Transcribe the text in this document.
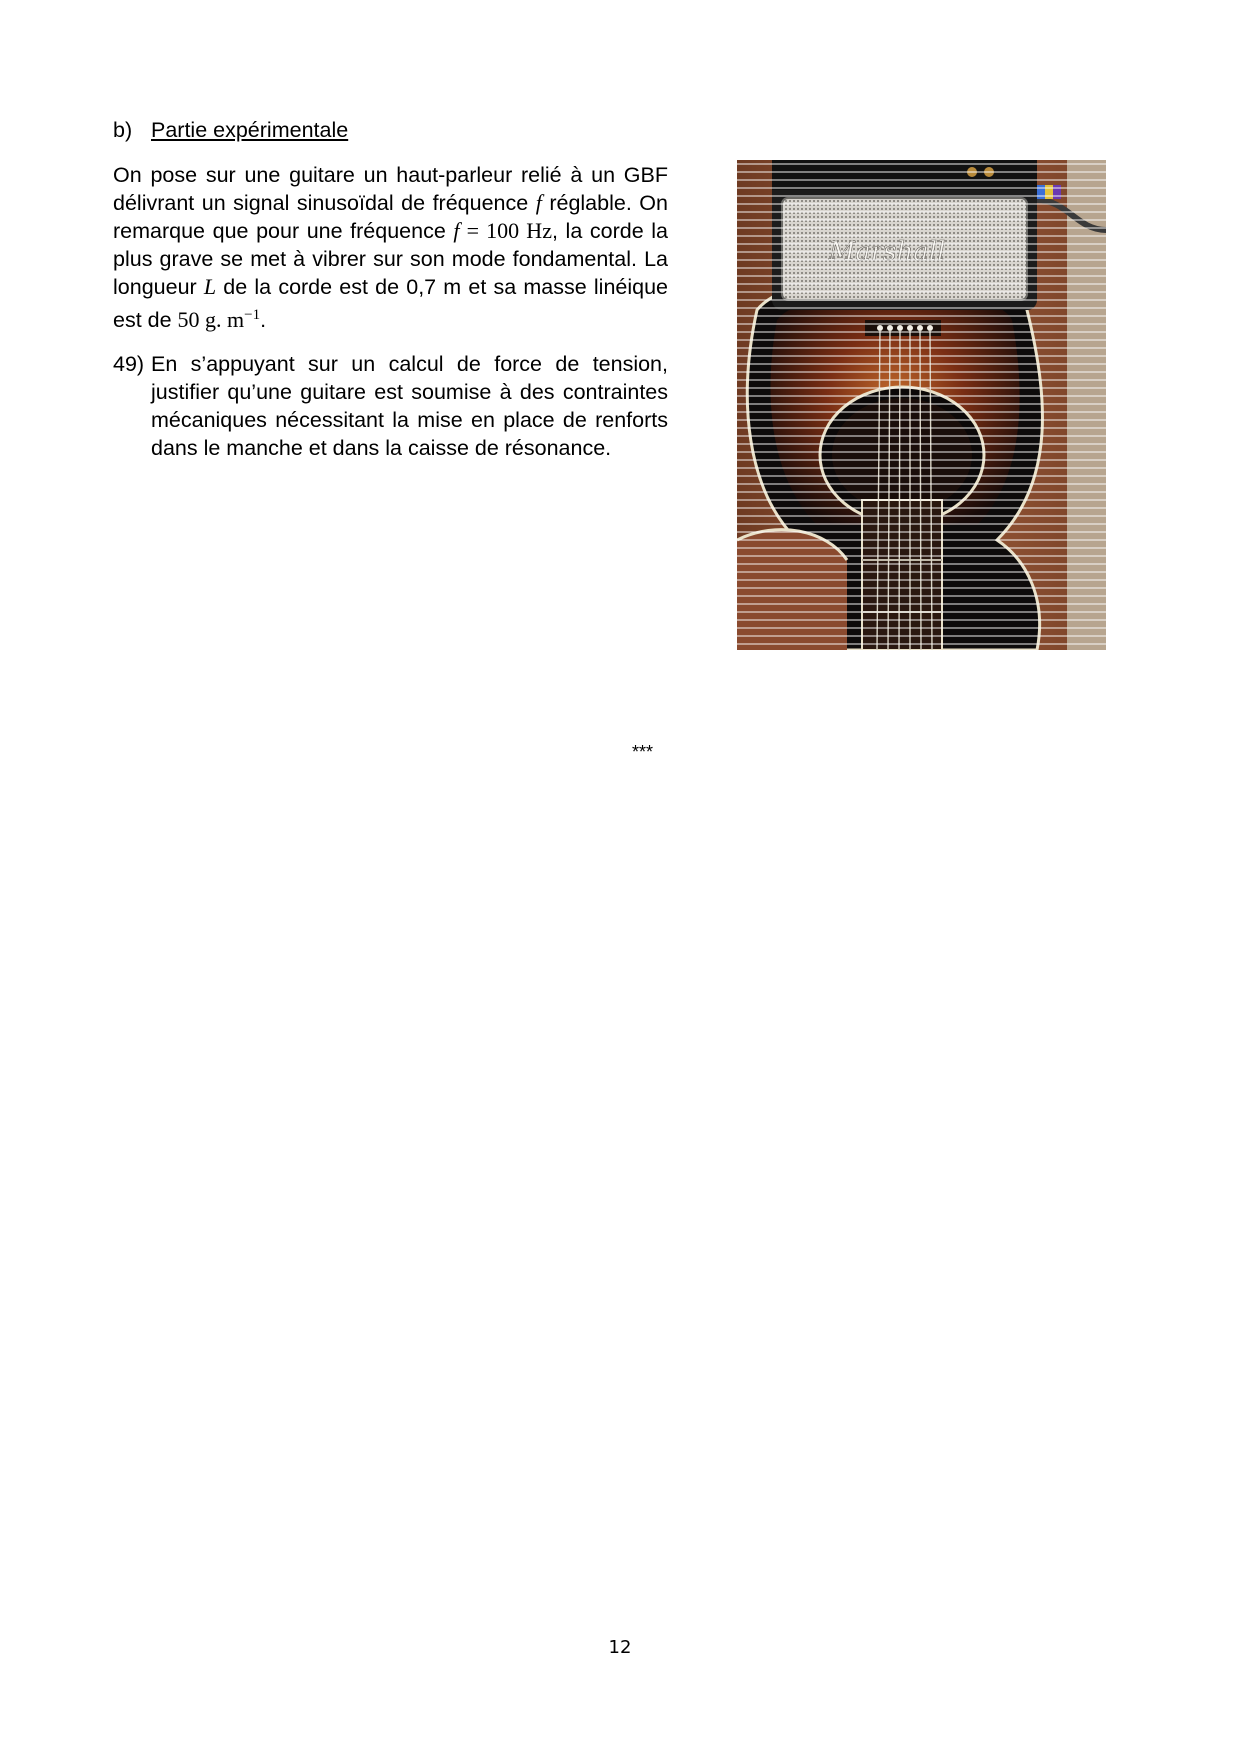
b) Partie expérimentale

On pose sur une guitare un haut-parleur relié à un GBF délivrant un signal sinusoïdal de fréquence f réglable. On remarque que pour une fréquence f = 100 Hz, la corde la plus grave se met à vibrer sur son mode fondamental. La longueur L de la corde est de 0,7 m et sa masse linéique est de 50 g. $m^{-1}$.

49) En s’appuyant sur un calcul de force de tension, justifier qu’une guitare est soumise à des contraintes mécaniques nécessitant la mise en place de renforts dans le manche et dans la caisse de résonance.
Marshall
***
12
